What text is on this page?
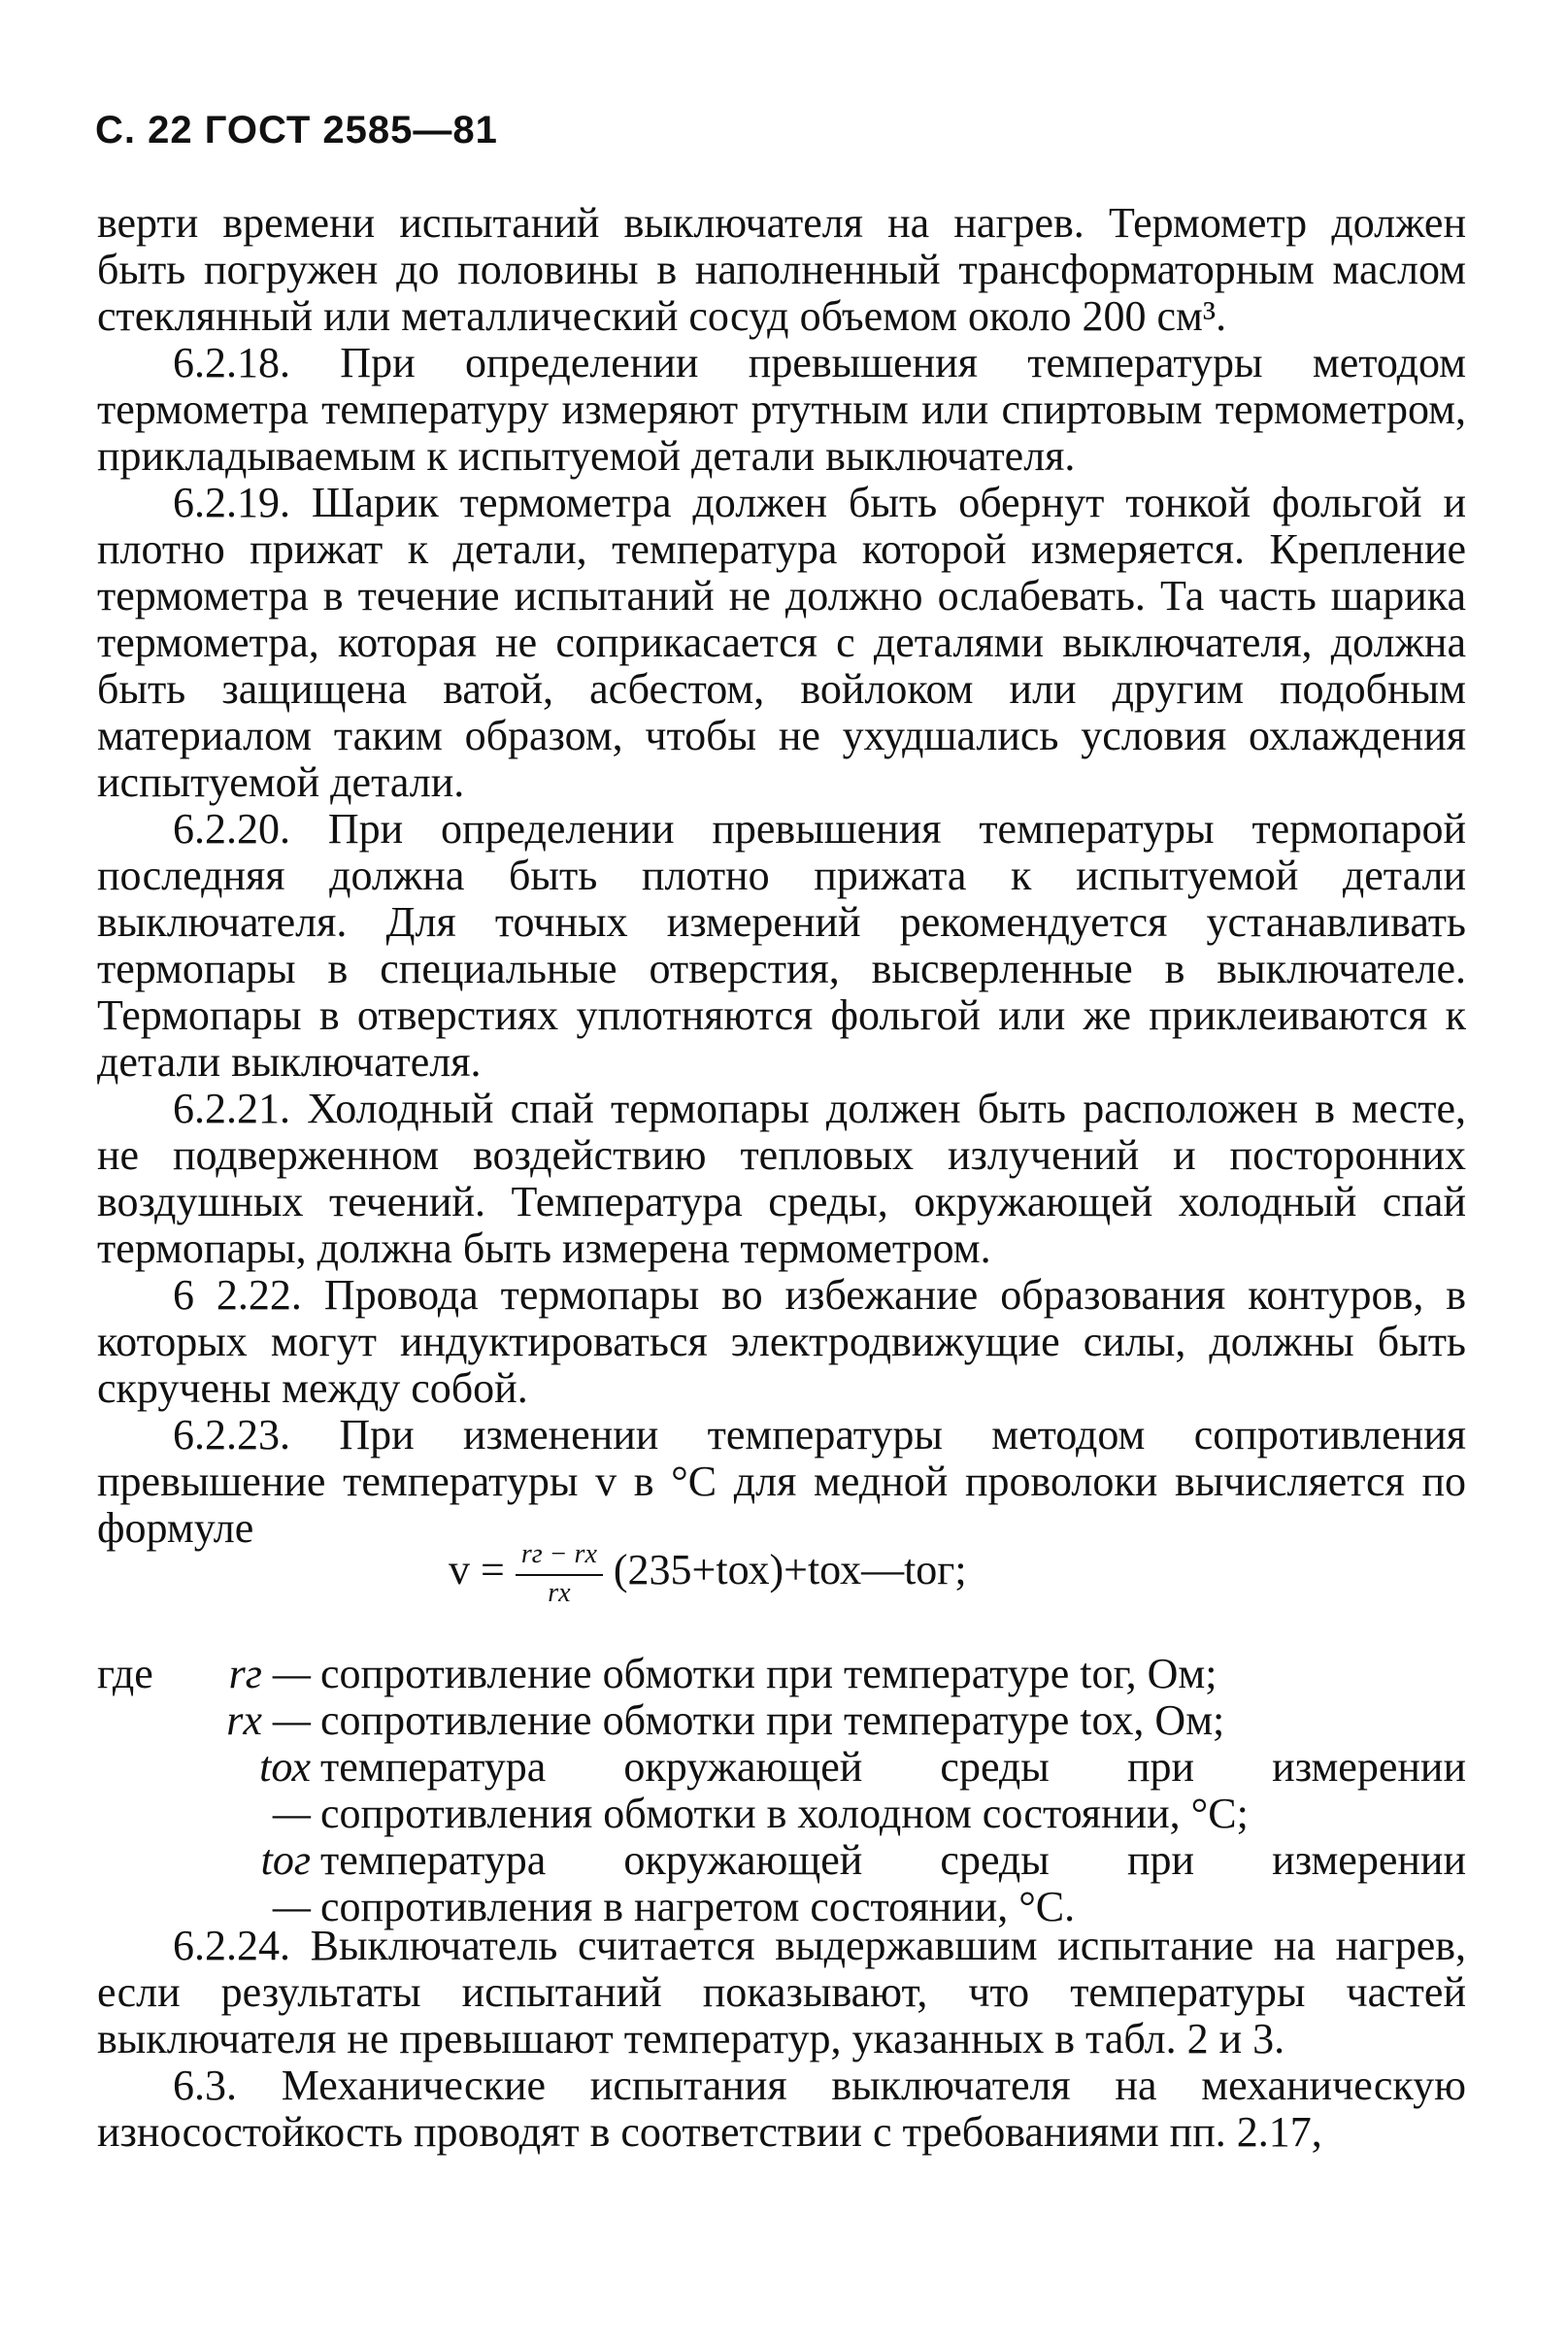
С. 22 ГОСТ 2585—81

верти времени испытаний выключателя на нагрев. Термометр должен быть погружен до половины в наполненный трансформаторным маслом стеклянный или металлический сосуд объемом около 200 см³.

6.2.18. При определении превышения температуры методом термометра температуру измеряют ртутным или спиртовым термометром, прикладываемым к испытуемой детали выключателя.

6.2.19. Шарик термометра должен быть обернут тонкой фольгой и плотно прижат к детали, температура которой измеряется. Крепление термометра в течение испытаний не должно ослабевать. Та часть шарика термометра, которая не соприкасается с деталями выключателя, должна быть защищена ватой, асбестом, войлоком или другим подобным материалом таким образом, чтобы не ухудшались условия охлаждения испытуемой детали.

6.2.20. При определении превышения температуры термопарой последняя должна быть плотно прижата к испытуемой детали выключателя. Для точных измерений рекомендуется устанавливать термопары в специальные отверстия, высверленные в выключателе. Термопары в отверстиях уплотняются фольгой или же приклеиваются к детали выключателя.

6.2.21. Холодный спай термопары должен быть расположен в месте, не подверженном воздействию тепловых излучений и посторонних воздушных течений. Температура среды, окружающей холодный спай термопары, должна быть измерена термометром.

6 2.22. Провода термопары во избежание образования контуров, в которых могут индуктироваться электродвижущие силы, должны быть скручены между собой.

6.2.23. При изменении температуры методом сопротивления превышение температуры v в °C для медной проволоки вычисляется по формуле

$v = \frac{rг - rх}{rх}$ (235+tох)+tох—tог;
где	rг — сопротивление обмотки при температуре tог, Ом;
rх — сопротивление обмотки при температуре tох, Ом;
tох —
температура окружающей среды при измерении сопротивления обмотки в холодном состоянии, °C;
tог —
температура окружающей среды при измерении сопротивления в нагретом состоянии, °C.

6.2.24. Выключатель считается выдержавшим испытание на нагрев, если результаты испытаний показывают, что температуры частей выключателя не превышают температур, указанных в табл. 2 и 3.

6.3. Механические испытания выключателя на механическую износостойкость проводят в соответствии с требованиями пп. 2.17,
